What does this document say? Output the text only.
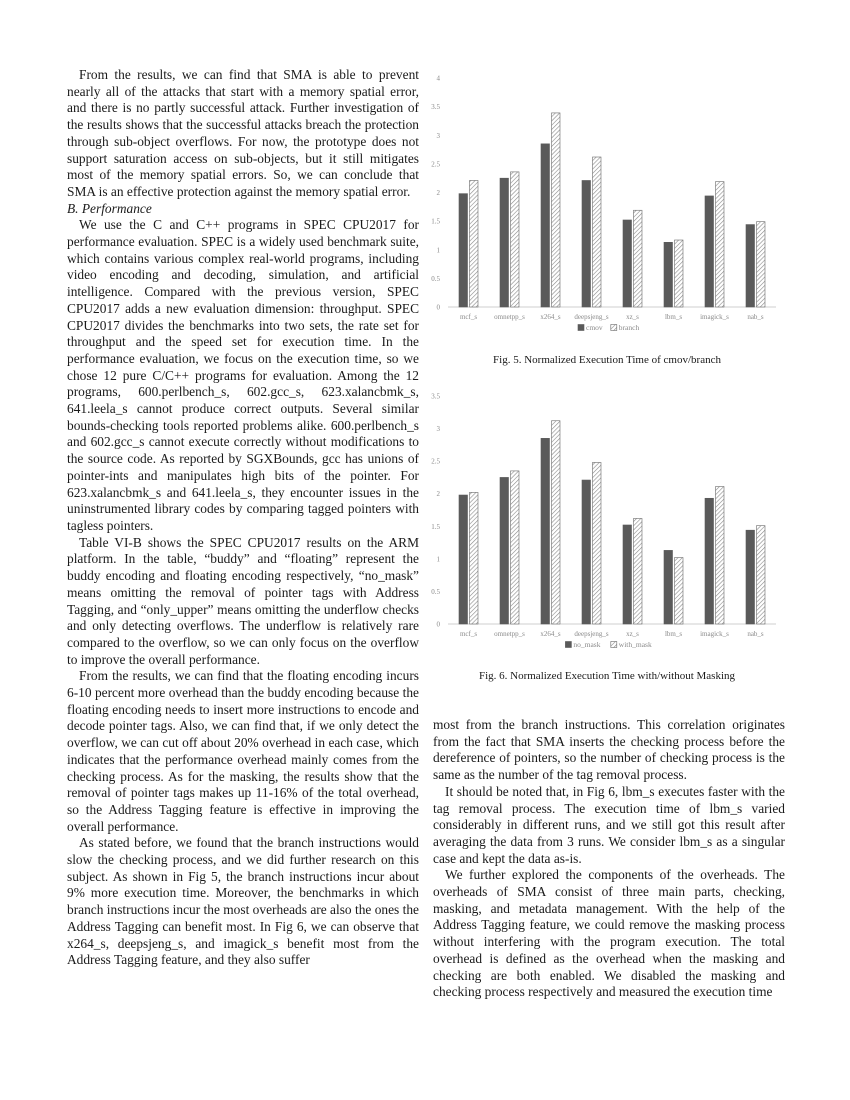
From the results, we can find that SMA is able to prevent nearly all of the attacks that start with a memory spatial error, and there is no partly successful attack. Further investigation of the results shows that the successful attacks breach the protection through sub-object overflows. For now, the prototype does not support saturation access on sub-objects, but it still mitigates most of the memory spatial errors. So, we can conclude that SMA is an effective protection against the memory spatial error.

B. Performance

We use the C and C++ programs in SPEC CPU2017 for performance evaluation. SPEC is a widely used benchmark suite, which contains various complex real-world programs, including video encoding and decoding, simulation, and artificial intelligence. Compared with the previous version, SPEC CPU2017 adds a new evaluation dimension: throughput. SPEC CPU2017 divides the benchmarks into two sets, the rate set for throughput and the speed set for execution time. In the performance evaluation, we focus on the execution time, so we chose 12 pure C/C++ programs for evaluation. Among the 12 programs, 600.perlbench_s, 602.gcc_s, 623.xalancbmk_s, 641.leela_s cannot produce correct outputs. Several similar bounds-checking tools reported problems alike. 600.perlbench_s and 602.gcc_s cannot execute correctly without modifications to the source code. As reported by SGXBounds, gcc has unions of pointer-ints and manipulates high bits of the pointer. For 623.xalancbmk_s and 641.leela_s, they encounter issues in the uninstrumented library codes by comparing tagged pointers with tagless pointers.

Table VI-B shows the SPEC CPU2017 results on the ARM platform. In the table, “buddy” and “floating” represent the buddy encoding and floating encoding respectively, “no_mask” means omitting the removal of pointer tags with Address Tagging, and “only_upper” means omitting the underflow checks and only detecting overflows. The underflow is relatively rare compared to the overflow, so we can only focus on the overflow to improve the overall performance.

From the results, we can find that the floating encoding incurs 6-10 percent more overhead than the buddy encoding because the floating encoding needs to insert more instructions to encode and decode pointer tags. Also, we can find that, if we only detect the overflow, we can cut off about 20% overhead in each case, which indicates that the performance overhead mainly comes from the checking process. As for the masking, the results show that the removal of pointer tags makes up 11-16% of the total overhead, so the Address Tagging feature is effective in improving the overall performance.

As stated before, we found that the branch instructions would slow the checking process, and we did further research on this subject. As shown in Fig 5, the branch instructions incur about 9% more execution time. Moreover, the benchmarks in which branch instructions incur the most overheads are also the ones the Address Tagging can benefit most. In Fig 6, we can observe that x264_s, deepsjeng_s, and imagick_s benefit most from the Address Tagging feature, and they also suffer

0
0.5
1
1.5
2
2.5
3
3.5
4
mcf_s omnetpp_s x264_s deepsjeng_s xz_s	lbm_s	imagick_s	nab_s
cmov branch
Fig. 5. Normalized Execution Time of cmov/branch
0
0.5
1
1.5
2
2.5
3
3.5
mcf_s omnetpp_s x264_s deepsjeng_s xz_s	lbm_s	imagick_s	nab_s
no_mask with_mask
Fig. 6. Normalized Execution Time with/without Masking

most from the branch instructions. This correlation originates from the fact that SMA inserts the checking process before the dereference of pointers, so the number of checking process is the same as the number of the tag removal process.

It should be noted that, in Fig 6, lbm_s executes faster with the tag removal process. The execution time of lbm_s varied considerably in different runs, and we still got this result after averaging the data from 3 runs. We consider lbm_s as a singular case and kept the data as-is.

We further explored the components of the overheads. The overheads of SMA consist of three main parts, checking, masking, and metadata management. With the help of the Address Tagging feature, we could remove the masking process without interfering with the program execution. The total overhead is defined as the overhead when the masking and checking are both enabled. We disabled the masking and checking process respectively and measured the execution time
